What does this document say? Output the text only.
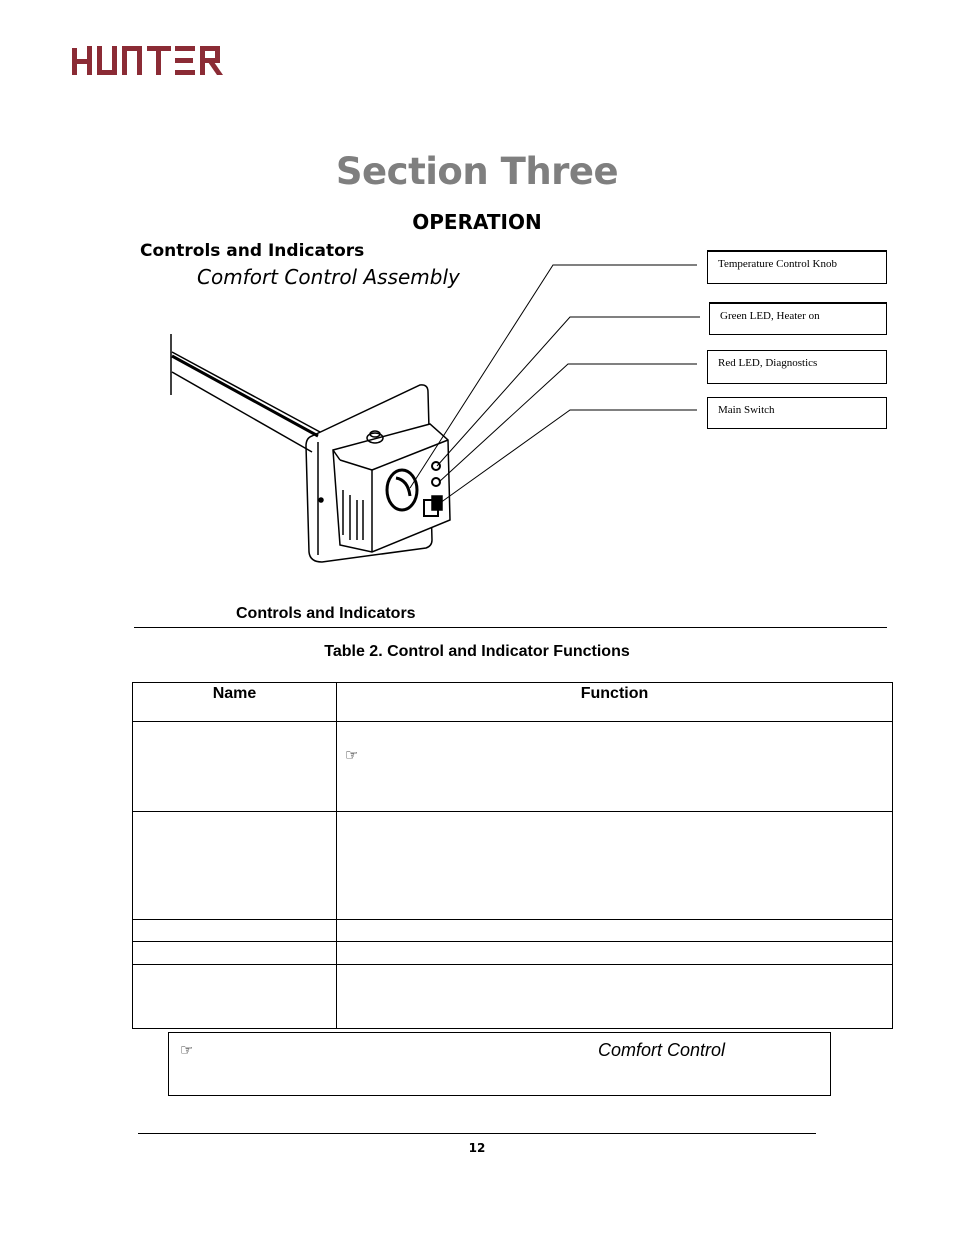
Section Three
OPERATION
Controls and Indicators
Comfort Control Assembly
Temperature Control Knob
Green LED, Heater on
Red LED, Diagnostics
Main Switch
Controls and Indicators
Table 2. Control and Indicator Functions
Name	Function
	☞

☞	Comfort Control
12
